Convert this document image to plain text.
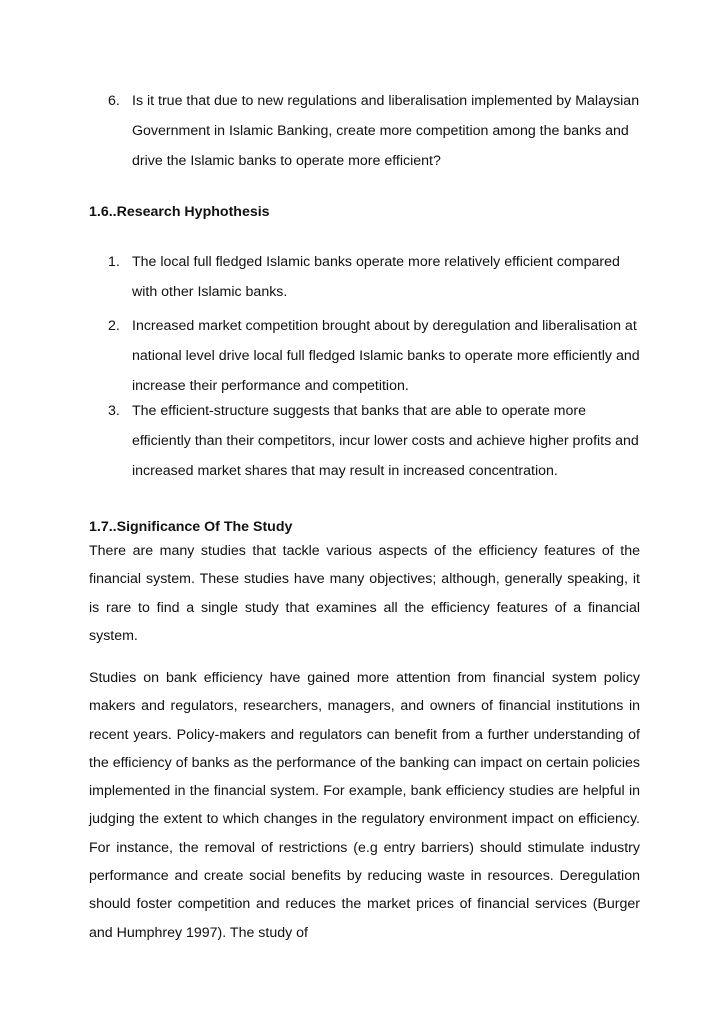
6. Is it true that due to new regulations and liberalisation implemented by Malaysian Government in Islamic Banking, create more competition among the banks and drive the Islamic banks to operate more efficient?
1.6..Research Hyphothesis
1. The local full fledged Islamic banks operate more relatively efficient compared with other Islamic banks.
2. Increased market competition brought about by deregulation and liberalisation at national level drive local full fledged Islamic banks to operate more efficiently and increase their performance and competition.
3. The efficient-structure suggests that banks that are able to operate more efficiently than their competitors, incur lower costs and achieve higher profits and increased market shares that may result in increased concentration.
1.7..Significance Of The Study
There are many studies that tackle various aspects of the efficiency features of the financial system. These studies have many objectives; although, generally speaking, it is rare to find a single study that examines all the efficiency features of a financial system.
Studies on bank efficiency have gained more attention from financial system policy makers and regulators, researchers, managers, and owners of financial institutions in recent years. Policy-makers and regulators can benefit from a further understanding of the efficiency of banks as the performance of the banking can impact on certain policies implemented in the financial system. For example, bank efficiency studies are helpful in judging the extent to which changes in the regulatory environment impact on efficiency. For instance, the removal of restrictions (e.g entry barriers) should stimulate industry performance and create social benefits by reducing waste in resources. Deregulation should foster competition and reduces the market prices of financial services (Burger and Humphrey 1997). The study of
